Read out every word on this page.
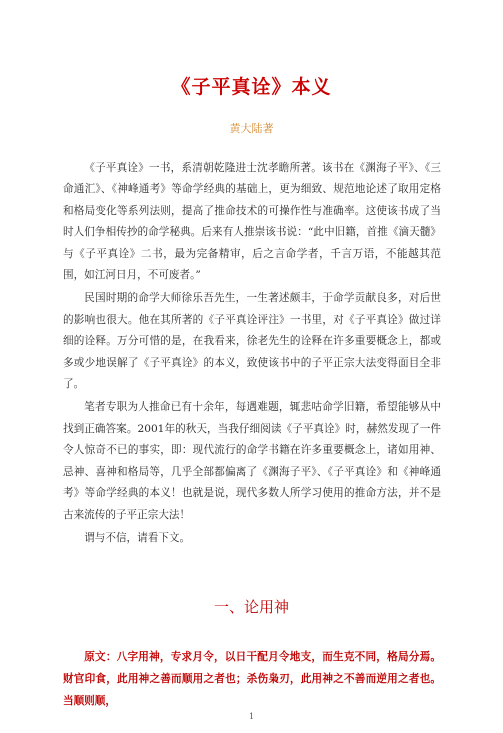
《子平真诠》本义
黄大陆著

《子平真诠》一书，系清朝乾隆进士沈孝瞻所著。该书在《渊海子平》、《三命通汇》、《神峰通考》等命学经典的基础上，更为细致、规范地论述了取用定格和格局变化等系列法则，提高了推命技术的可操作性与准确率。这使该书成了当时人们争相传抄的命学秘典。后来有人推崇该书说：“此中旧籍，首推《滴天髓》与《子平真诠》二书，最为完备精审，后之言命学者，千言万语，不能越其范围，如江河日月，不可废者。”

民国时期的命学大师徐乐吾先生，一生著述颇丰，于命学贡献良多，对后世的影响也很大。他在其所著的《子平真诠评注》一书里，对《子平真诠》做过详细的诠释。万分可惜的是，在我看来，徐老先生的诠释在许多重要概念上，都或多或少地误解了《子平真诠》的本义，致使该书中的子平正宗大法变得面目全非了。

笔者专职为人推命已有十余年，每遇难题，辄悲咕命学旧籍，希望能够从中找到正确答案。2001年的秋天，当我仔细阅读《子平真诠》时，赫然发现了一件令人惊奇不已的事实，即：现代流行的命学书籍在许多重要概念上，诸如用神、忌神、喜神和格局等，几乎全部都偏离了《渊海子平》、《子平真诠》和《神峰通考》等命学经典的本义！也就是说，现代多数人所学习使用的推命方法，并不是古来流传的子平正宗大法！

谓与不信，请看下文。

一、论用神

原文：八字用神，专求月令，以日干配月令地支，而生克不同，格局分焉。财官印食，此用神之善而顺用之者也；杀伤枭刃，此用神之不善而逆用之者也。当顺则顺，

1
